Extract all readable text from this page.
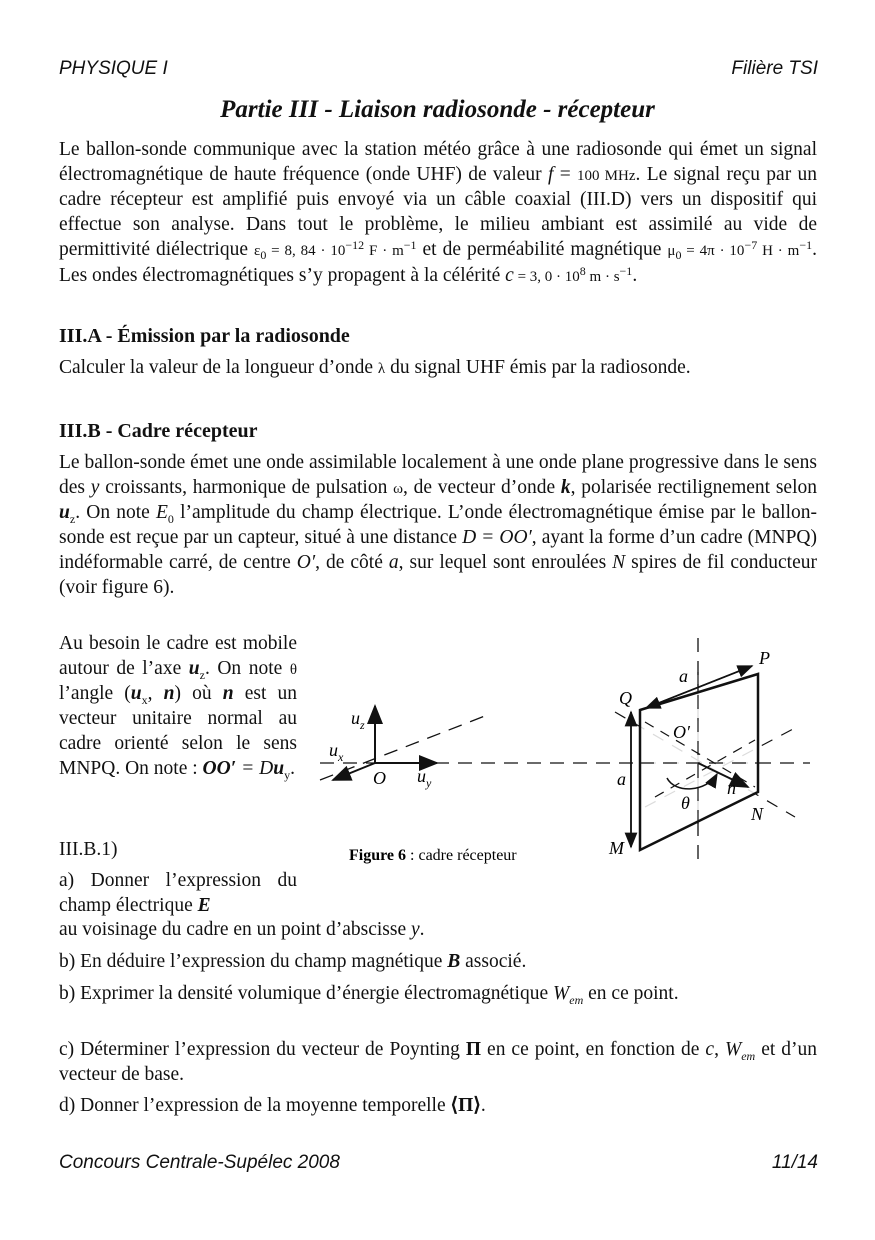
PHYSIQUE I	Filière TSI
Partie III - Liaison radiosonde - récepteur
Le ballon-sonde communique avec la station météo grâce à une radiosonde qui émet un signal électromagnétique de haute fréquence (onde UHF) de valeur f = 100 MHz. Le signal reçu par un cadre récepteur est amplifié puis envoyé via un câble coaxial (III.D) vers un dispositif qui effectue son analyse. Dans tout le problème, le milieu ambiant est assimilé au vide de permittivité diélectrique $\varepsilon_0 = 8$, $84 \cdot 10^{-12}$ $F \cdot m^{-1}$ et de perméabilité magnétique $\mu_0 = 4\pi \cdot 10^{-7}$ $H \cdot m^{-1}$. Les ondes électromagnétiques s’y propagent à la célérité c = 3, $0 \cdot 10^8$ $m \cdot s^{-1}$.
III.A - Émission par la radiosonde
Calculer la valeur de la longueur d’onde λ du signal UHF émis par la radiosonde.
III.B - Cadre récepteur
Le ballon-sonde émet une onde assimilable localement à une onde plane progressive dans le sens des y croissants, harmonique de pulsation ω, de vecteur d’onde k, polarisée rectilignement selon $u_z$. On note $E_0$ l’amplitude du champ électrique. L’onde électromagnétique émise par le ballon-sonde est reçue par un capteur, situé à une distance D = OO′, ayant la forme d’un cadre (MNPQ) indéformable carré, de centre O′, de côté a, sur lequel sont enroulées N spires de fil conducteur (voir figure 6).
Au besoin le cadre est mobile autour de l’axe $u_z$. On note θ l’angle ($u_x$, n) où n est un vecteur unitaire normal au cadre orienté selon le sens MNPQ. On note : $OO' = Du_y$.
III.B.1)
a) Donner l’expression du champ électrique E
au voisinage du cadre en un point d’abscisse y.
b) En déduire l’expression du champ magnétique B associé.
b) Exprimer la densité volumique d’énergie électromagnétique $W_{em}$ en ce point.
c) Déterminer l’expression du vecteur de Poynting Π en ce point, en fonction de c, $W_{em}$ et d’un vecteur de base.
d) Donner l’expression de la moyenne temporelle ⟨Π⟩.
$u_z$
$u_x$
$u_y$
O
O′
P
Q
M
N
a
a
θ
n
Figure 6 : cadre récepteur
Concours Centrale-Supélec 2008	11/14
